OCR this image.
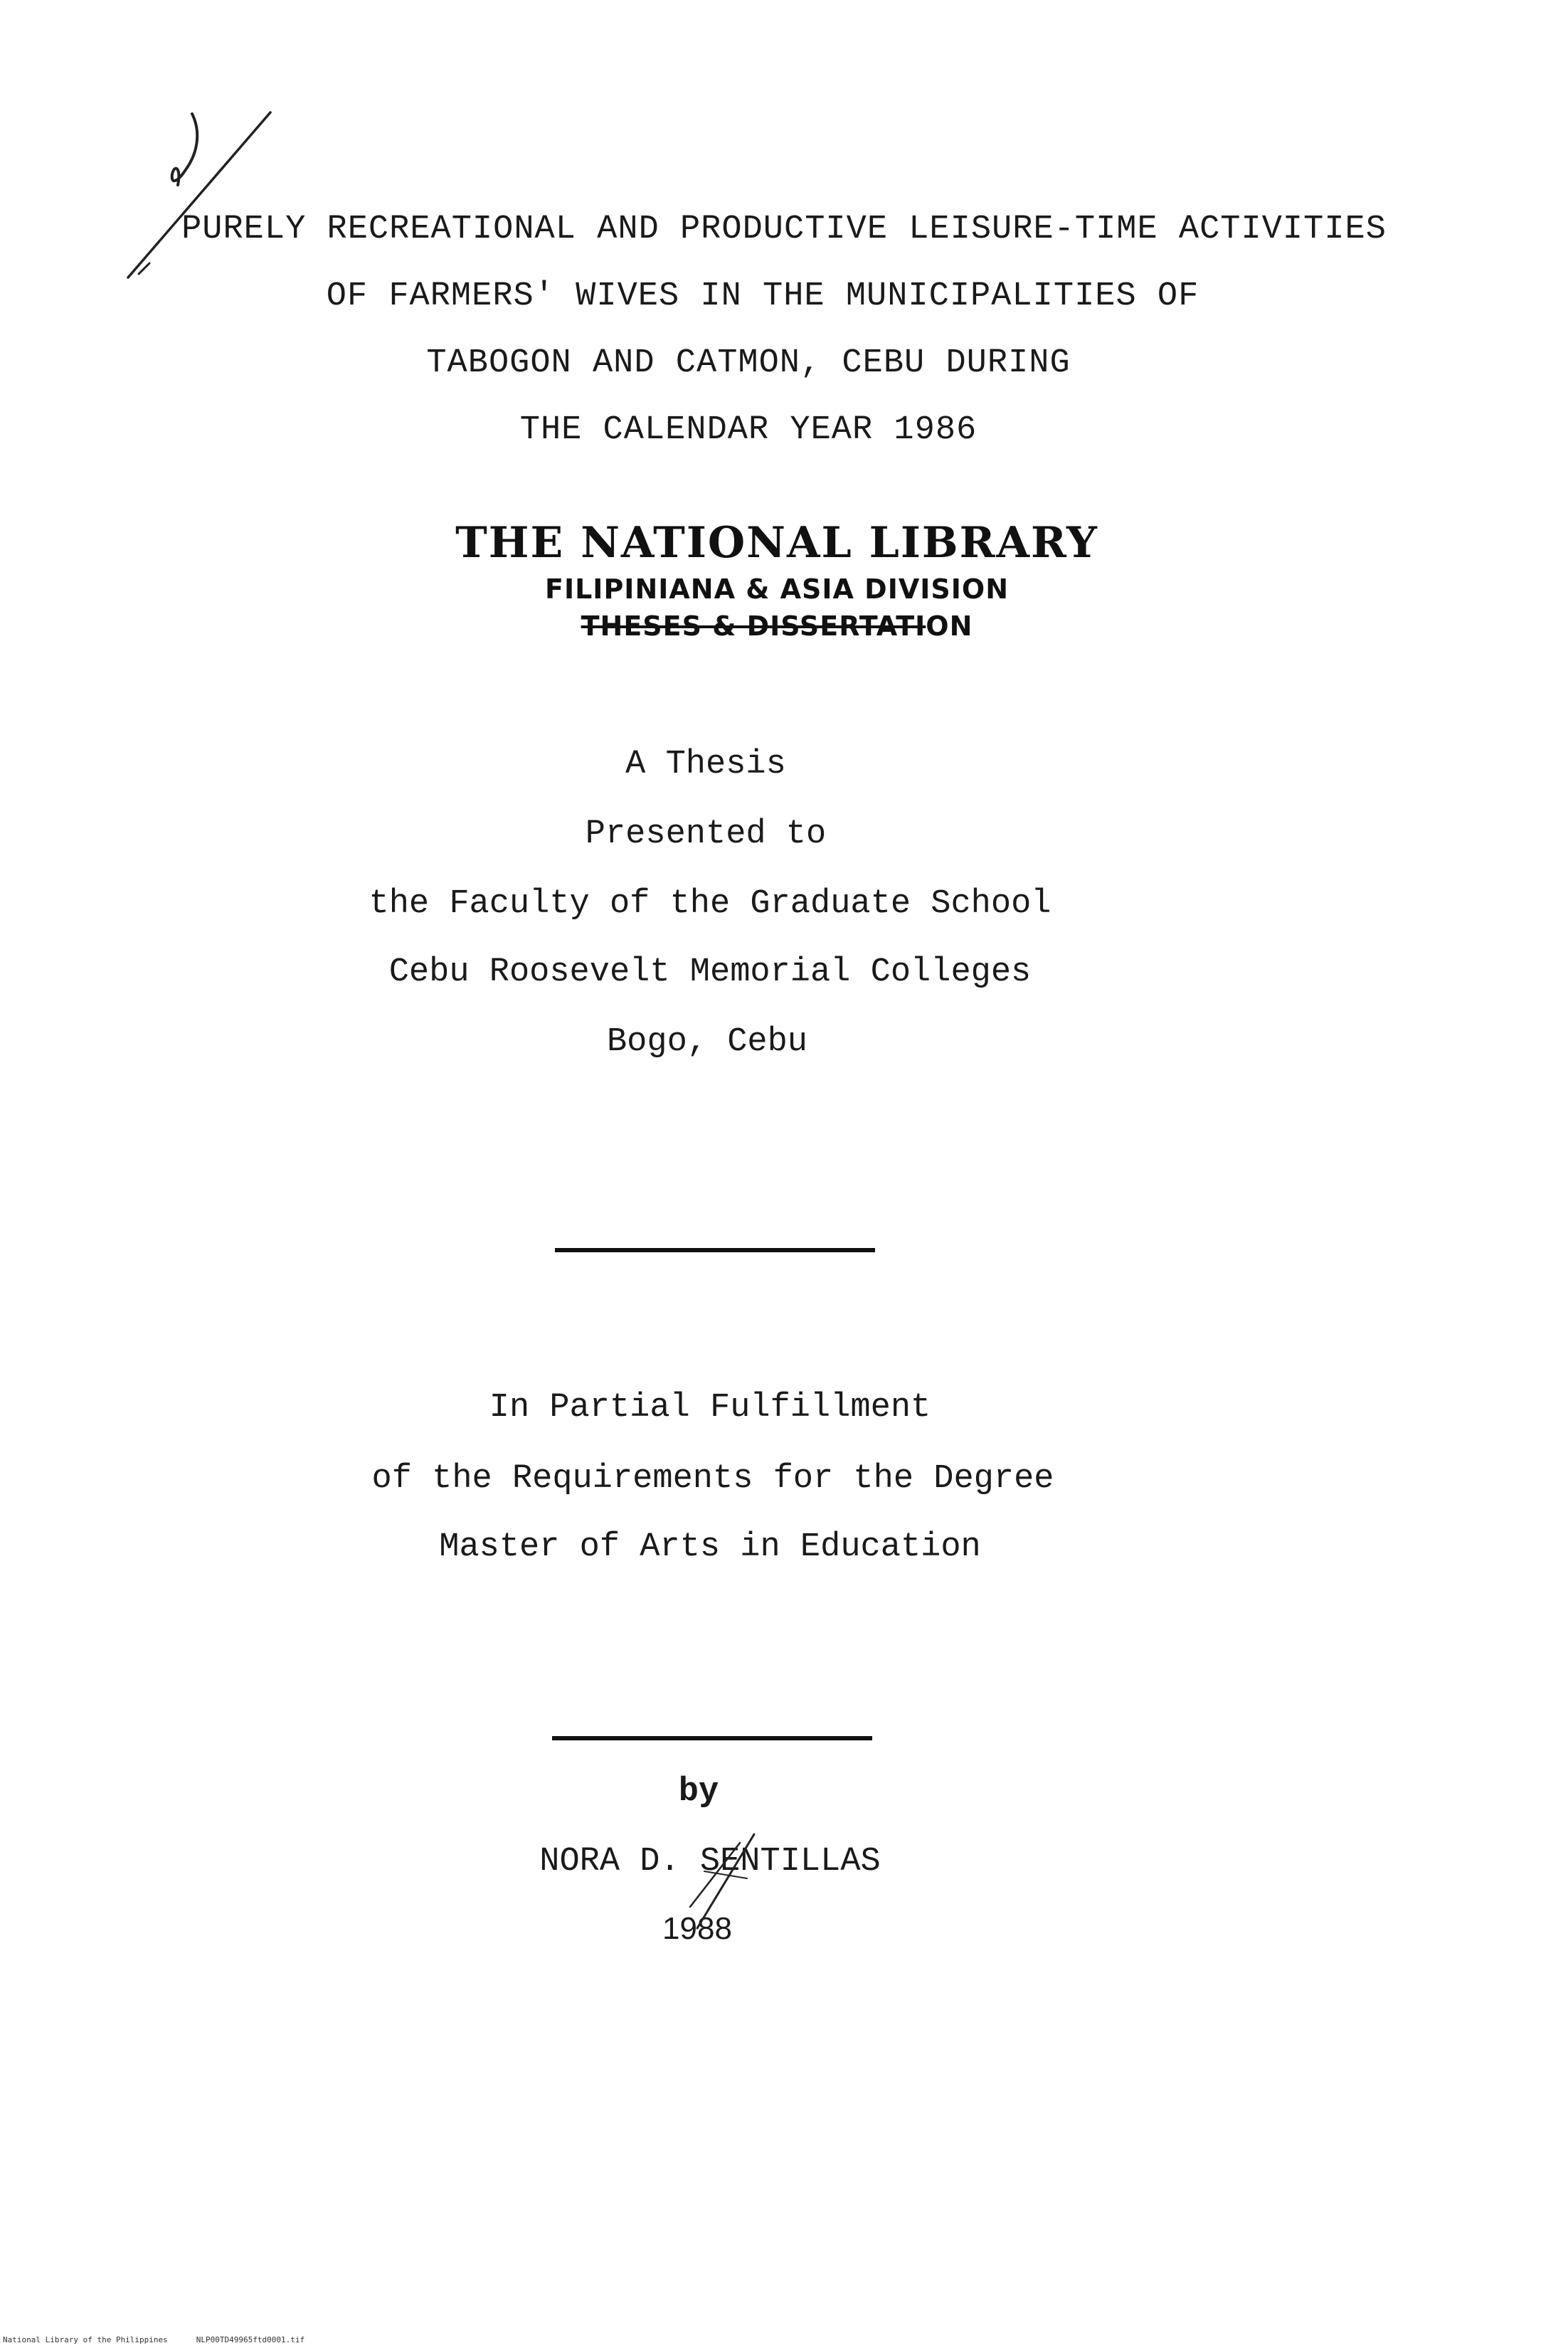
PURELY RECREATIONAL AND PRODUCTIVE LEISURE-TIME ACTIVITIES
OF FARMERS' WIVES IN THE MUNICIPALITIES OF
TABOGON AND CATMON, CEBU DURING
THE CALENDAR YEAR 1986
THE NATIONAL LIBRARY
FILIPINIANA & ASIA DIVISION
THESES & DISSERTATION
A Thesis
Presented to
the Faculty of the Graduate School
Cebu Roosevelt Memorial Colleges
Bogo, Cebu
In Partial Fulfillment
of the Requirements for the Degree
Master of Arts in Education
by
NORA D. SENTILLAS
1988
National Library of the Philippines	NLP00TD49965ftd0001.tif
